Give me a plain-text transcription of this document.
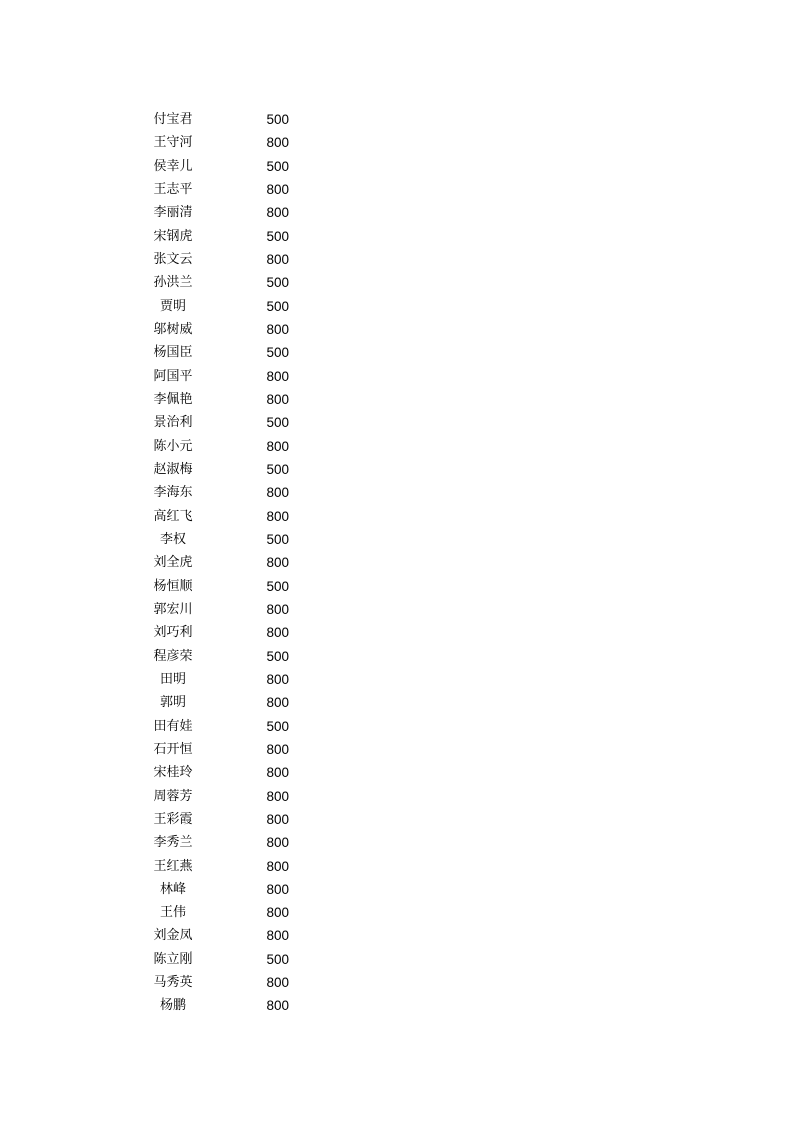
付宝君	500
王守河	800
侯幸儿	500
王志平	800
李丽清	800
宋钢虎	500
张文云	800
孙洪兰	500
贾明	500
邬树威	800
杨国臣	500
阿国平	800
李佩艳	800
景治利	500
陈小元	800
赵淑梅	500
李海东	800
高红飞	800
李权	500
刘全虎	800
杨恒顺	500
郭宏川	800
刘巧利	800
程彦荣	500
田明	800
郭明	800
田有娃	500
石开恒	800
宋桂玲	800
周蓉芳	800
王彩霞	800
李秀兰	800
王红燕	800
林峰	800
王伟	800
刘金凤	800
陈立刚	500
马秀英	800
杨鹏	800
